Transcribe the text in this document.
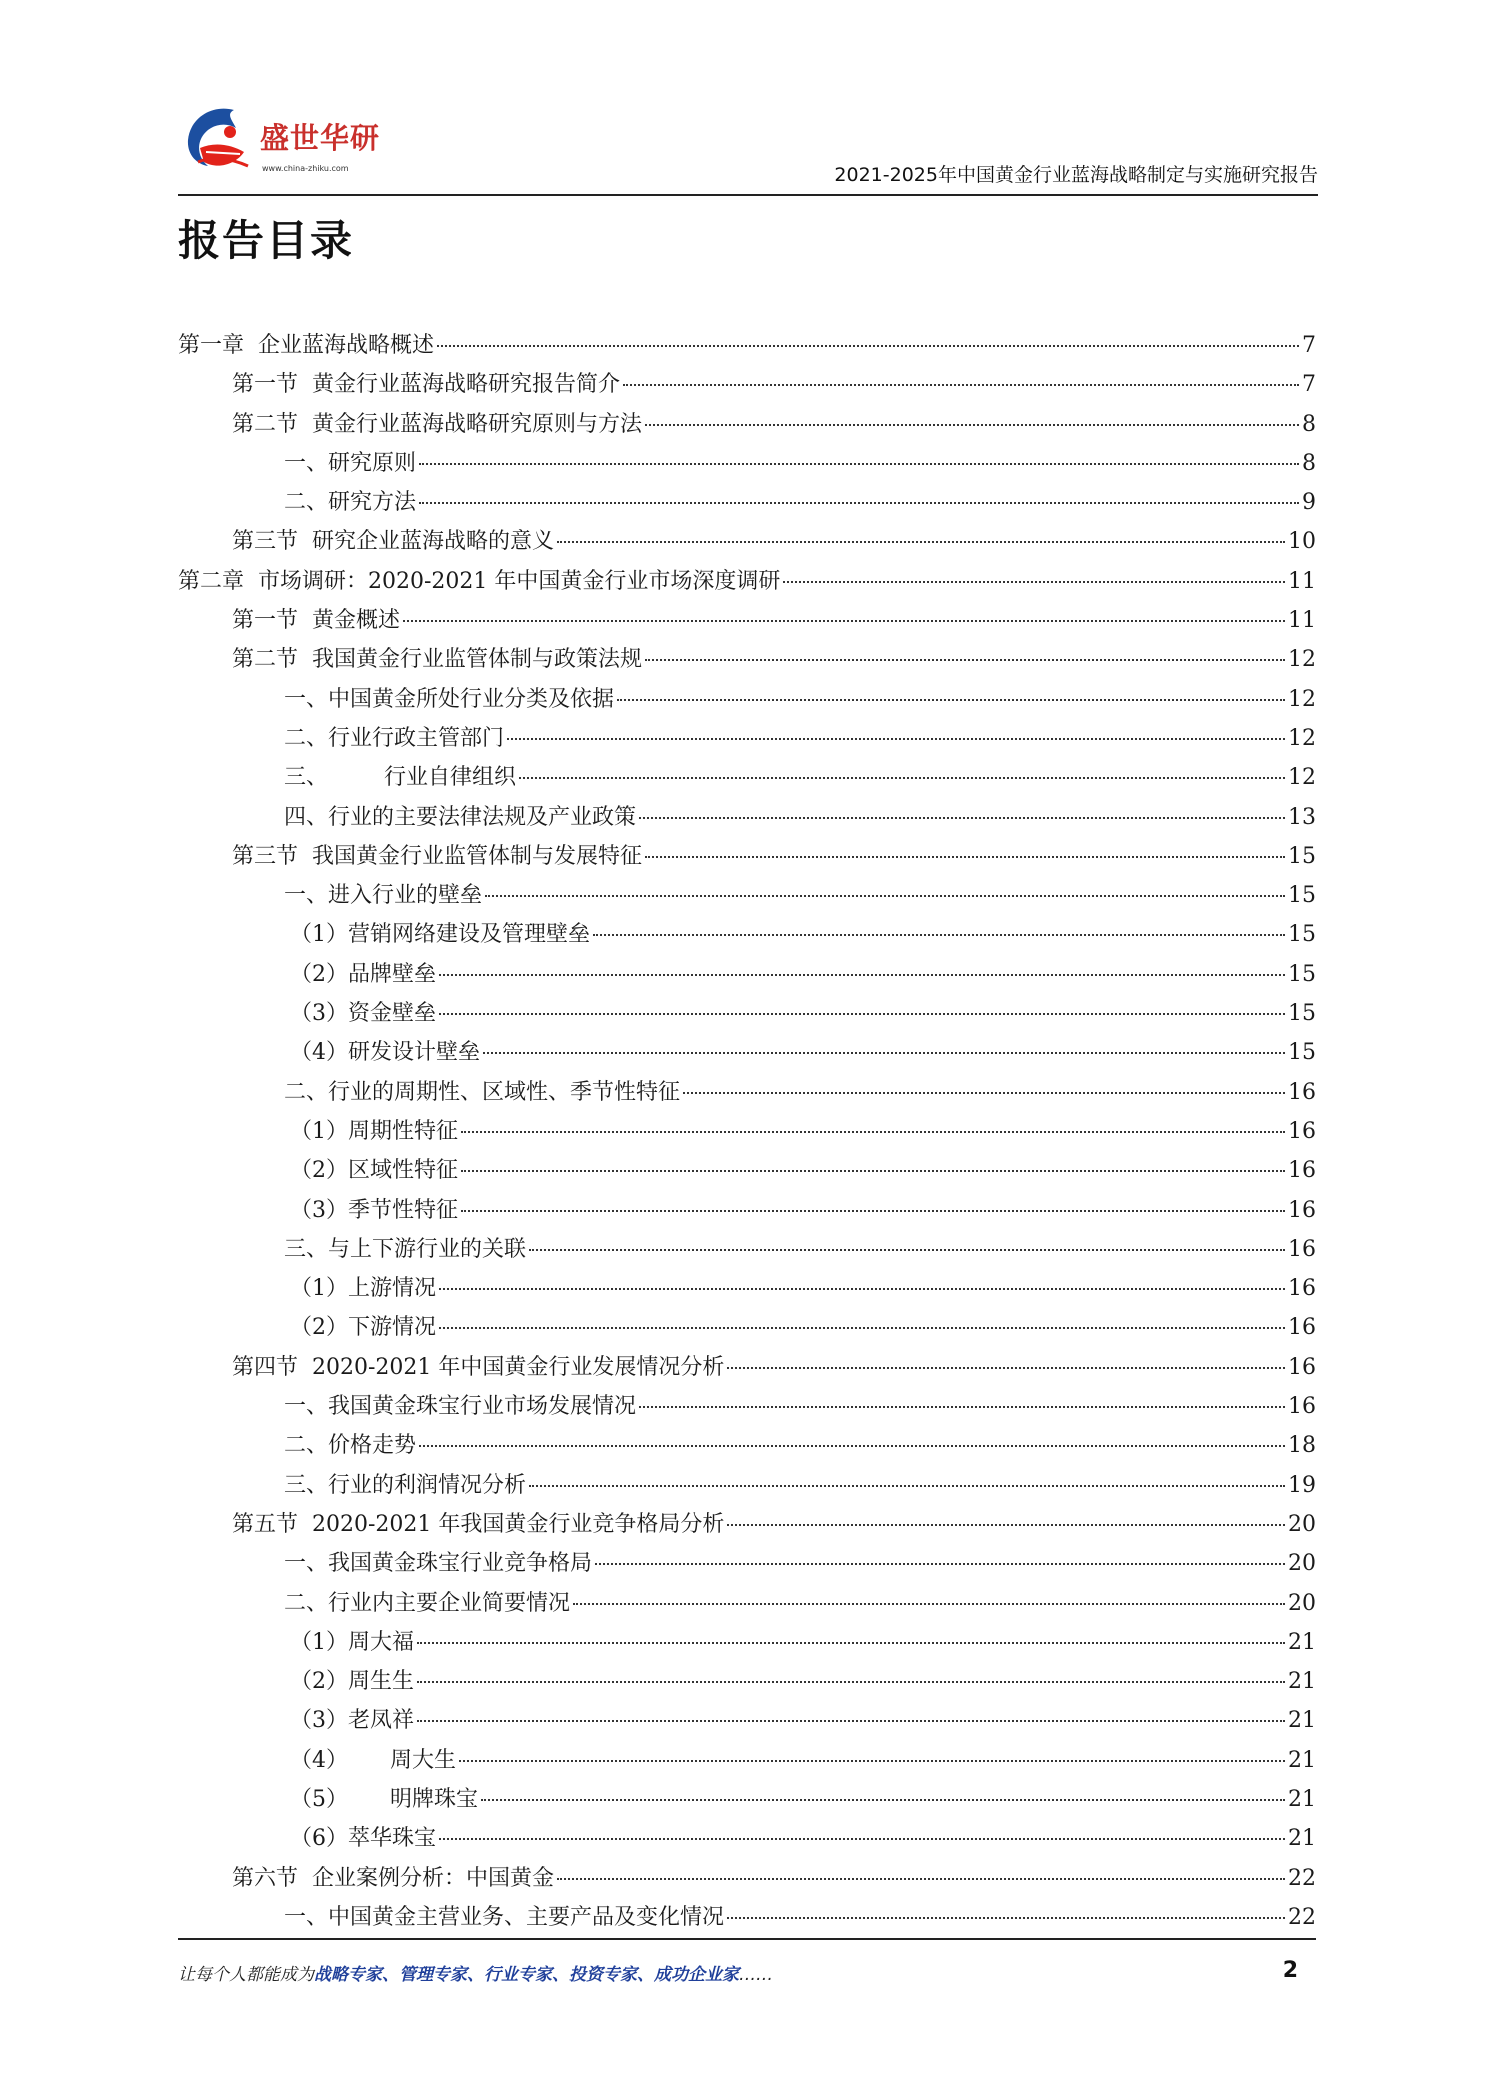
盛世华研
www.china-zhiku.com	2021-2025年中国黄金行业蓝海战略制定与实施研究报告
报告目录
第一章  企业蓝海战略概述	7
第一节  黄金行业蓝海战略研究报告简介	7
第二节  黄金行业蓝海战略研究原则与方法	8
一、研究原则	8
二、研究方法	9
第三节  研究企业蓝海战略的意义	10
第二章  市场调研：2020-2021 年中国黄金行业市场深度调研	11
第一节  黄金概述	11
第二节  我国黄金行业监管体制与政策法规	12
一、中国黄金所处行业分类及依据	12
二、行业行政主管部门	12
三、        行业自律组织	12
四、行业的主要法律法规及产业政策	13
第三节  我国黄金行业监管体制与发展特征	15
一、进入行业的壁垒	15
（1）营销网络建设及管理壁垒	15
（2）品牌壁垒	15
（3）资金壁垒	15
（4）研发设计壁垒	15
二、行业的周期性、区域性、季节性特征	16
（1）周期性特征	16
（2）区域性特征	16
（3）季节性特征	16
三、与上下游行业的关联	16
（1）上游情况	16
（2）下游情况	16
第四节  2020-2021 年中国黄金行业发展情况分析	16
一、我国黄金珠宝行业市场发展情况	16
二、价格走势	18
三、行业的利润情况分析	19
第五节  2020-2021 年我国黄金行业竞争格局分析	20
一、我国黄金珠宝行业竞争格局	20
二、行业内主要企业简要情况	20
（1）周大福	21
（2）周生生	21
（3）老凤祥	21
（4）      周大生	21
（5）      明牌珠宝	21
（6）萃华珠宝	21
第六节  企业案例分析：中国黄金	22
一、中国黄金主营业务、主要产品及变化情况	22
让每个人都能成为战略专家、管理专家、行业专家、投资专家、成功企业家……	2
